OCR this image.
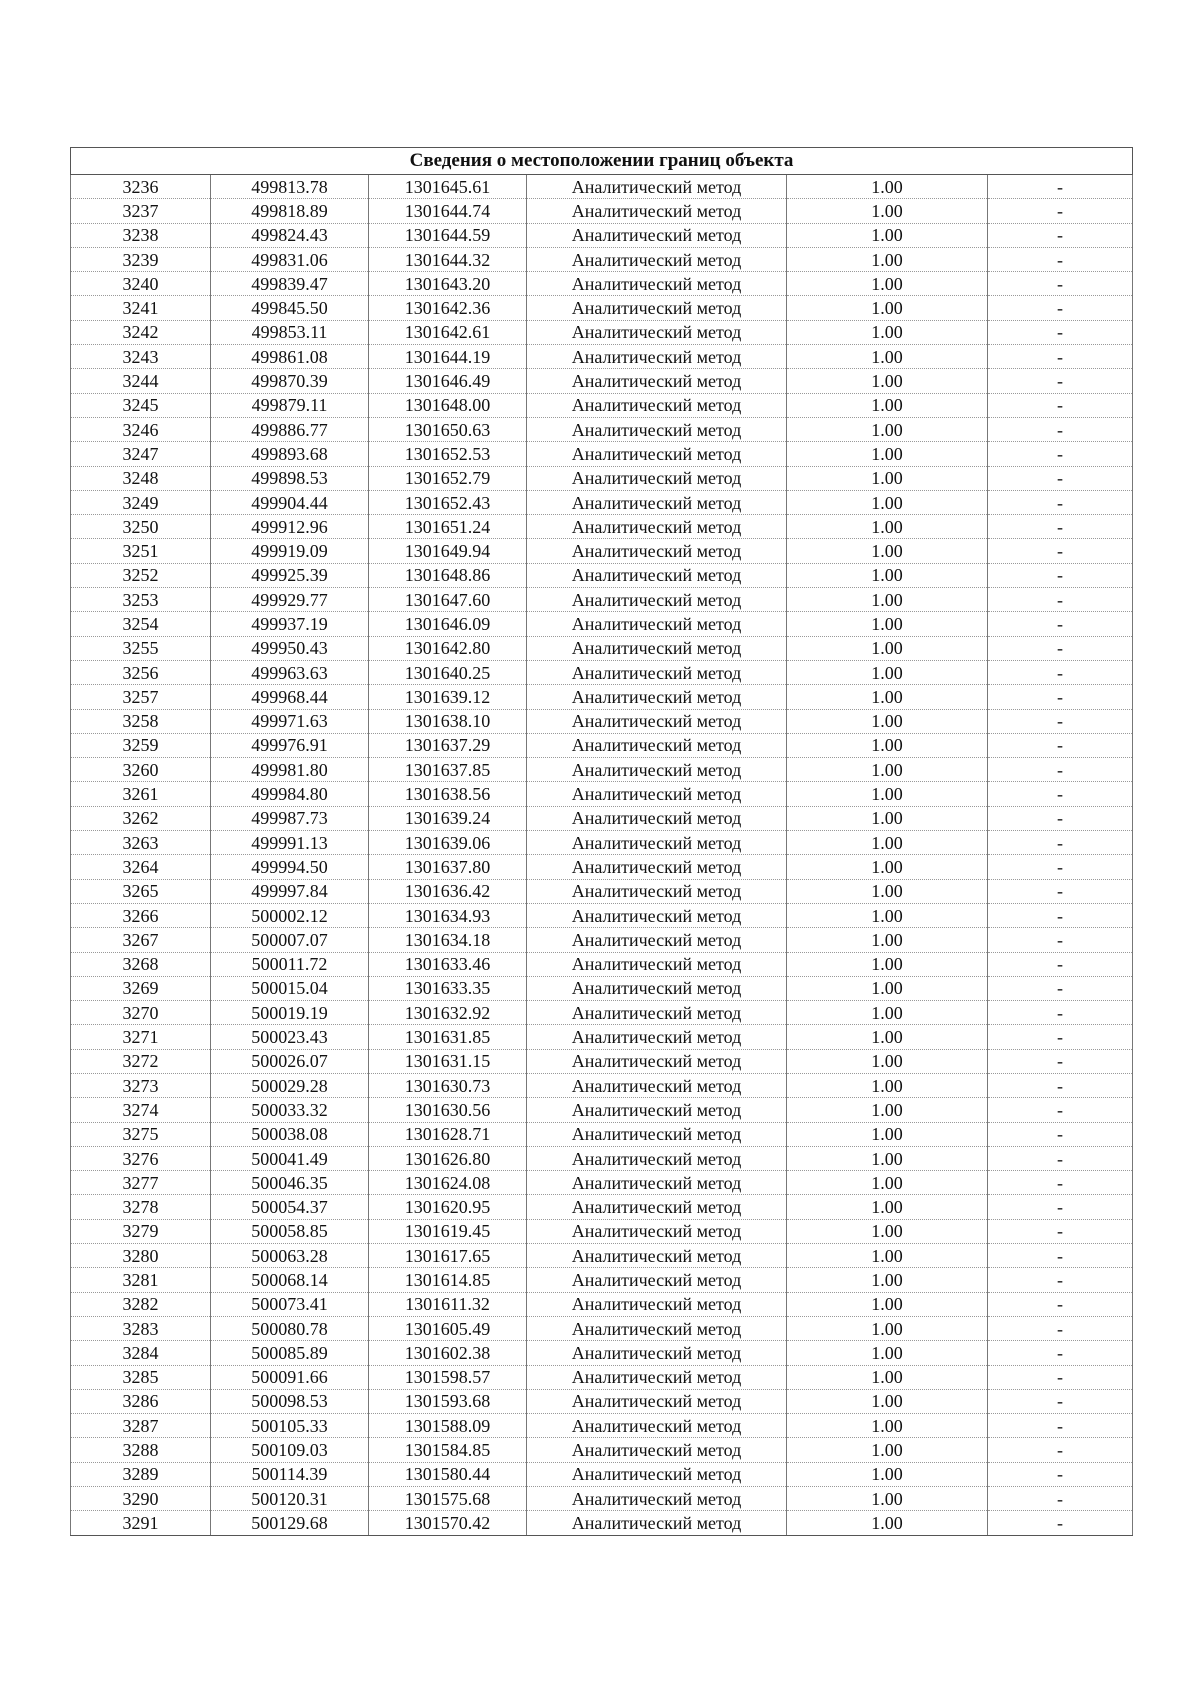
Сведения о местоположении границ объекта					
3236	499813.78	1301645.61	Аналитический метод	1.00	-
3237	499818.89	1301644.74	Аналитический метод	1.00	-
3238	499824.43	1301644.59	Аналитический метод	1.00	-
3239	499831.06	1301644.32	Аналитический метод	1.00	-
3240	499839.47	1301643.20	Аналитический метод	1.00	-
3241	499845.50	1301642.36	Аналитический метод	1.00	-
3242	499853.11	1301642.61	Аналитический метод	1.00	-
3243	499861.08	1301644.19	Аналитический метод	1.00	-
3244	499870.39	1301646.49	Аналитический метод	1.00	-
3245	499879.11	1301648.00	Аналитический метод	1.00	-
3246	499886.77	1301650.63	Аналитический метод	1.00	-
3247	499893.68	1301652.53	Аналитический метод	1.00	-
3248	499898.53	1301652.79	Аналитический метод	1.00	-
3249	499904.44	1301652.43	Аналитический метод	1.00	-
3250	499912.96	1301651.24	Аналитический метод	1.00	-
3251	499919.09	1301649.94	Аналитический метод	1.00	-
3252	499925.39	1301648.86	Аналитический метод	1.00	-
3253	499929.77	1301647.60	Аналитический метод	1.00	-
3254	499937.19	1301646.09	Аналитический метод	1.00	-
3255	499950.43	1301642.80	Аналитический метод	1.00	-
3256	499963.63	1301640.25	Аналитический метод	1.00	-
3257	499968.44	1301639.12	Аналитический метод	1.00	-
3258	499971.63	1301638.10	Аналитический метод	1.00	-
3259	499976.91	1301637.29	Аналитический метод	1.00	-
3260	499981.80	1301637.85	Аналитический метод	1.00	-
3261	499984.80	1301638.56	Аналитический метод	1.00	-
3262	499987.73	1301639.24	Аналитический метод	1.00	-
3263	499991.13	1301639.06	Аналитический метод	1.00	-
3264	499994.50	1301637.80	Аналитический метод	1.00	-
3265	499997.84	1301636.42	Аналитический метод	1.00	-
3266	500002.12	1301634.93	Аналитический метод	1.00	-
3267	500007.07	1301634.18	Аналитический метод	1.00	-
3268	500011.72	1301633.46	Аналитический метод	1.00	-
3269	500015.04	1301633.35	Аналитический метод	1.00	-
3270	500019.19	1301632.92	Аналитический метод	1.00	-
3271	500023.43	1301631.85	Аналитический метод	1.00	-
3272	500026.07	1301631.15	Аналитический метод	1.00	-
3273	500029.28	1301630.73	Аналитический метод	1.00	-
3274	500033.32	1301630.56	Аналитический метод	1.00	-
3275	500038.08	1301628.71	Аналитический метод	1.00	-
3276	500041.49	1301626.80	Аналитический метод	1.00	-
3277	500046.35	1301624.08	Аналитический метод	1.00	-
3278	500054.37	1301620.95	Аналитический метод	1.00	-
3279	500058.85	1301619.45	Аналитический метод	1.00	-
3280	500063.28	1301617.65	Аналитический метод	1.00	-
3281	500068.14	1301614.85	Аналитический метод	1.00	-
3282	500073.41	1301611.32	Аналитический метод	1.00	-
3283	500080.78	1301605.49	Аналитический метод	1.00	-
3284	500085.89	1301602.38	Аналитический метод	1.00	-
3285	500091.66	1301598.57	Аналитический метод	1.00	-
3286	500098.53	1301593.68	Аналитический метод	1.00	-
3287	500105.33	1301588.09	Аналитический метод	1.00	-
3288	500109.03	1301584.85	Аналитический метод	1.00	-
3289	500114.39	1301580.44	Аналитический метод	1.00	-
3290	500120.31	1301575.68	Аналитический метод	1.00	-
3291	500129.68	1301570.42	Аналитический метод	1.00	-
